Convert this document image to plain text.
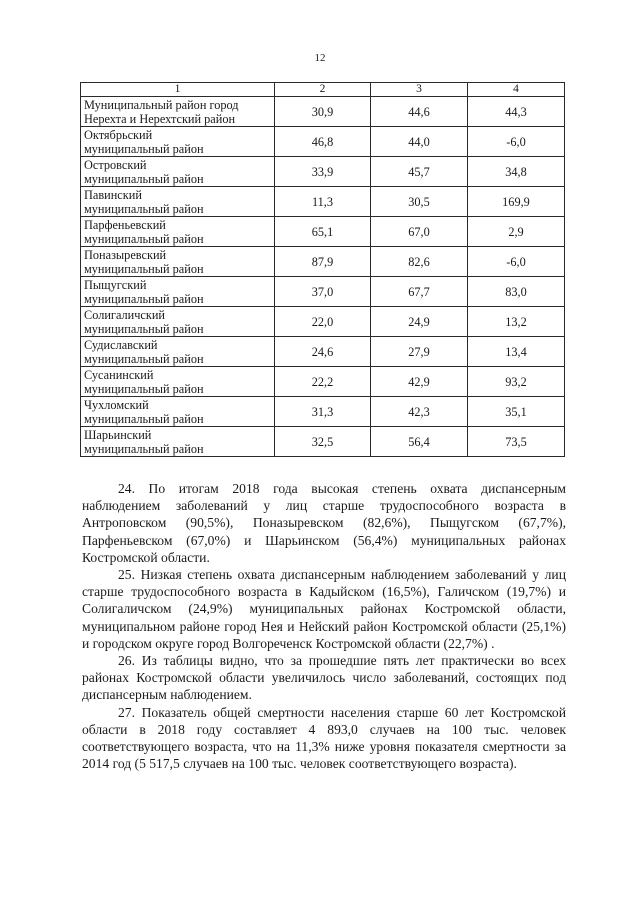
12
1	2	3	4

Муниципальный район город
Нерехта и Нерехтский район	30,9	44,6	44,3

Октябрьский
муниципальный район	46,8	44,0	-6,0

Островский
муниципальный район	33,9	45,7	34,8

Павинский
муниципальный район	11,3	30,5	169,9

Парфеньевский
муниципальный район	65,1	67,0	2,9

Поназыревский
муниципальный район	87,9	82,6	-6,0

Пыщугский
муниципальный район	37,0	67,7	83,0

Солигаличский
муниципальный район	22,0	24,9	13,2

Судиславский
муниципальный район	24,6	27,9	13,4

Сусанинский
муниципальный район	22,2	42,9	93,2

Чухломский
муниципальный район	31,3	42,3	35,1

Шарьинский
муниципальный район	32,5	56,4	73,5

24. По итогам 2018 года высокая степень охвата диспансерным наблюдением заболеваний у лиц старше трудоспособного возраста в Антроповском (90,5%), Поназыревском (82,6%), Пыщугском (67,7%), Парфеньевском (67,0%) и Шарьинском (56,4%) муниципальных районах Костромской области.

25. Низкая степень охвата диспансерным наблюдением заболеваний у лиц старше трудоспособного возраста в Кадыйском (16,5%), Галичском (19,7%) и Солигаличском (24,9%) муниципальных районах Костромской области, муниципальном районе город Нея и Нейский район Костромской области (25,1%) и городском округе город Волгореченск Костромской области (22,7%) .

26. Из таблицы видно, что за прошедшие пять лет практически во всех районах Костромской области увеличилось число заболеваний, состоящих под диспансерным наблюдением.

27. Показатель общей смертности населения старше 60 лет Костромской области в 2018 году составляет 4 893,0 случаев на 100 тыс. человек соответствующего возраста, что на 11,3% ниже уровня показателя смертности за 2014 год (5 517,5 случаев на 100 тыс. человек соответствующего возраста).
